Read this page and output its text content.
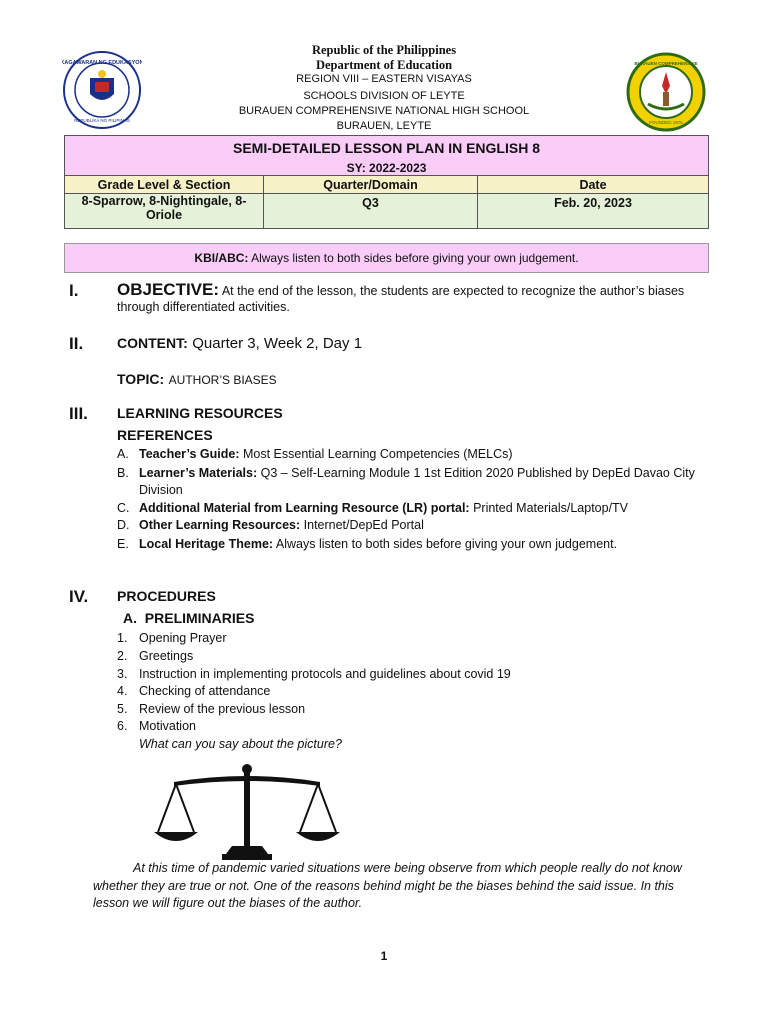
KAGAWARAN NG EDUKASYON
REPUBLIKA NG PILIPINAS
BURAUEN COMPREHENSIVE
FOUNDED 1975
Republic of the Philippines
Department of Education
REGION VIII – EASTERN VISAYAS
SCHOOLS DIVISION OF LEYTE
BURAUEN COMPREHENSIVE NATIONAL HIGH SCHOOL
BURAUEN, LEYTE
SEMI-DETAILED LESSON PLAN IN ENGLISH 8		
SY: 2022-2023		
Grade Level & Section	Quarter/Domain	Date
8-Sparrow, 8-Nightingale, 8-Oriole	Q3	Feb. 20, 2023
KBI/ABC: Always listen to both sides before giving your own judgement.
I. OBJECTIVE: At the end of the lesson, the students are expected to recognize the author’s biases
through differentiated activities.
II. CONTENT: Quarter 3, Week 2, Day 1
TOPIC: AUTHOR’S BIASES
III. LEARNING RESOURCES
REFERENCES
A. Teacher’s Guide: Most Essential Learning Competencies (MELCs)
B. Learner’s Materials: Q3 – Self-Learning Module 1 1st Edition 2020 Published by DepEd Davao City
Division
C. Additional Material from Learning Resource (LR) portal: Printed Materials/Laptop/TV
D. Other Learning Resources: Internet/DepEd Portal
E. Local Heritage Theme: Always listen to both sides before giving your own judgement.
IV. PROCEDURES
A.  PRELIMINARIES
1. Opening Prayer
2. Greetings
3. Instruction in implementing protocols and guidelines about covid 19
4. Checking of attendance
5. Review of the previous lesson
6. Motivation
What can you say about the picture?
At this time of pandemic varied situations were being observe from which people really do not know
whether they are true or not. One of the reasons behind might be the biases behind the said issue. In this
lesson we will figure out the biases of the author.
1
